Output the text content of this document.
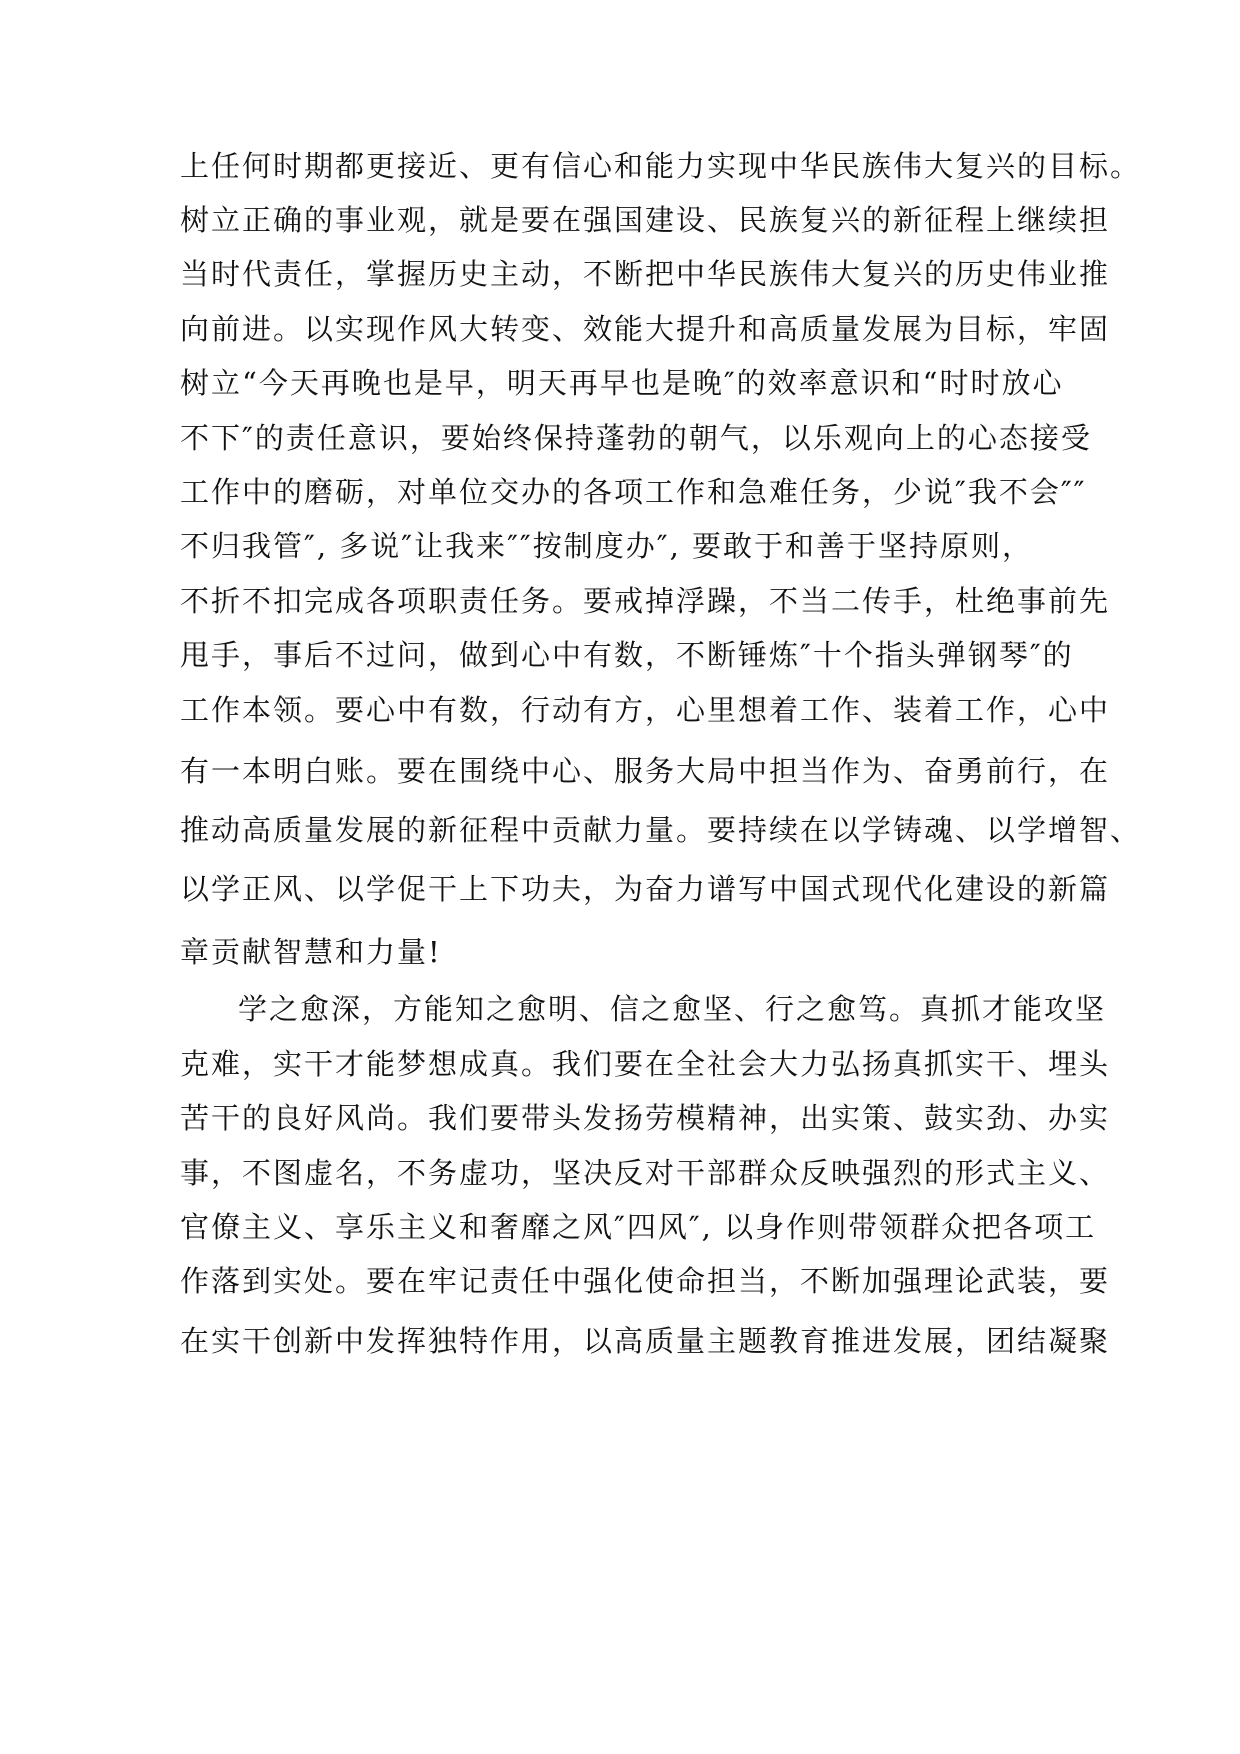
上任何时期都更接近、更有信心和能力实现中华民族伟大复兴的目标。
树立正确的事业观，就是要在强国建设、民族复兴的新征程上继续担
当时代责任，掌握历史主动，不断把中华民族伟大复兴的历史伟业推
向前进。以实现作风大转变、效能大提升和高质量发展为目标，牢固
树立“今天再晚也是早，明天再早也是晚″的效率意识和“时时放心
不下″的责任意识，要始终保持蓬勃的朝气，以乐观向上的心态接受
工作中的磨砺，对单位交办的各项工作和急难任务，少说″我不会″″
不归我管″, 多说″让我来″″按制度办″, 要敢于和善于坚持原则，
不折不扣完成各项职责任务。要戒掉浮躁，不当二传手，杜绝事前先
甩手，事后不过问，做到心中有数，不断锤炼″十个指头弹钢琴″的
工作本领。要心中有数，行动有方，心里想着工作、装着工作，心中
有一本明白账。要在围绕中心、服务大局中担当作为、奋勇前行，在
推动高质量发展的新征程中贡献力量。要持续在以学铸魂、以学增智、
以学正风、以学促干上下功夫，为奋力谱写中国式现代化建设的新篇
章贡献智慧和力量!
学之愈深，方能知之愈明、信之愈坚、行之愈笃。真抓才能攻坚
克难，实干才能梦想成真。我们要在全社会大力弘扬真抓实干、埋头
苦干的良好风尚。我们要带头发扬劳模精神，出实策、鼓实劲、办实
事，不图虚名，不务虚功，坚决反对干部群众反映强烈的形式主义、
官僚主义、享乐主义和奢靡之风″四风″, 以身作则带领群众把各项工
作落到实处。要在牢记责任中强化使命担当，不断加强理论武装，要
在实干创新中发挥独特作用，以高质量主题教育推进发展，团结凝聚
